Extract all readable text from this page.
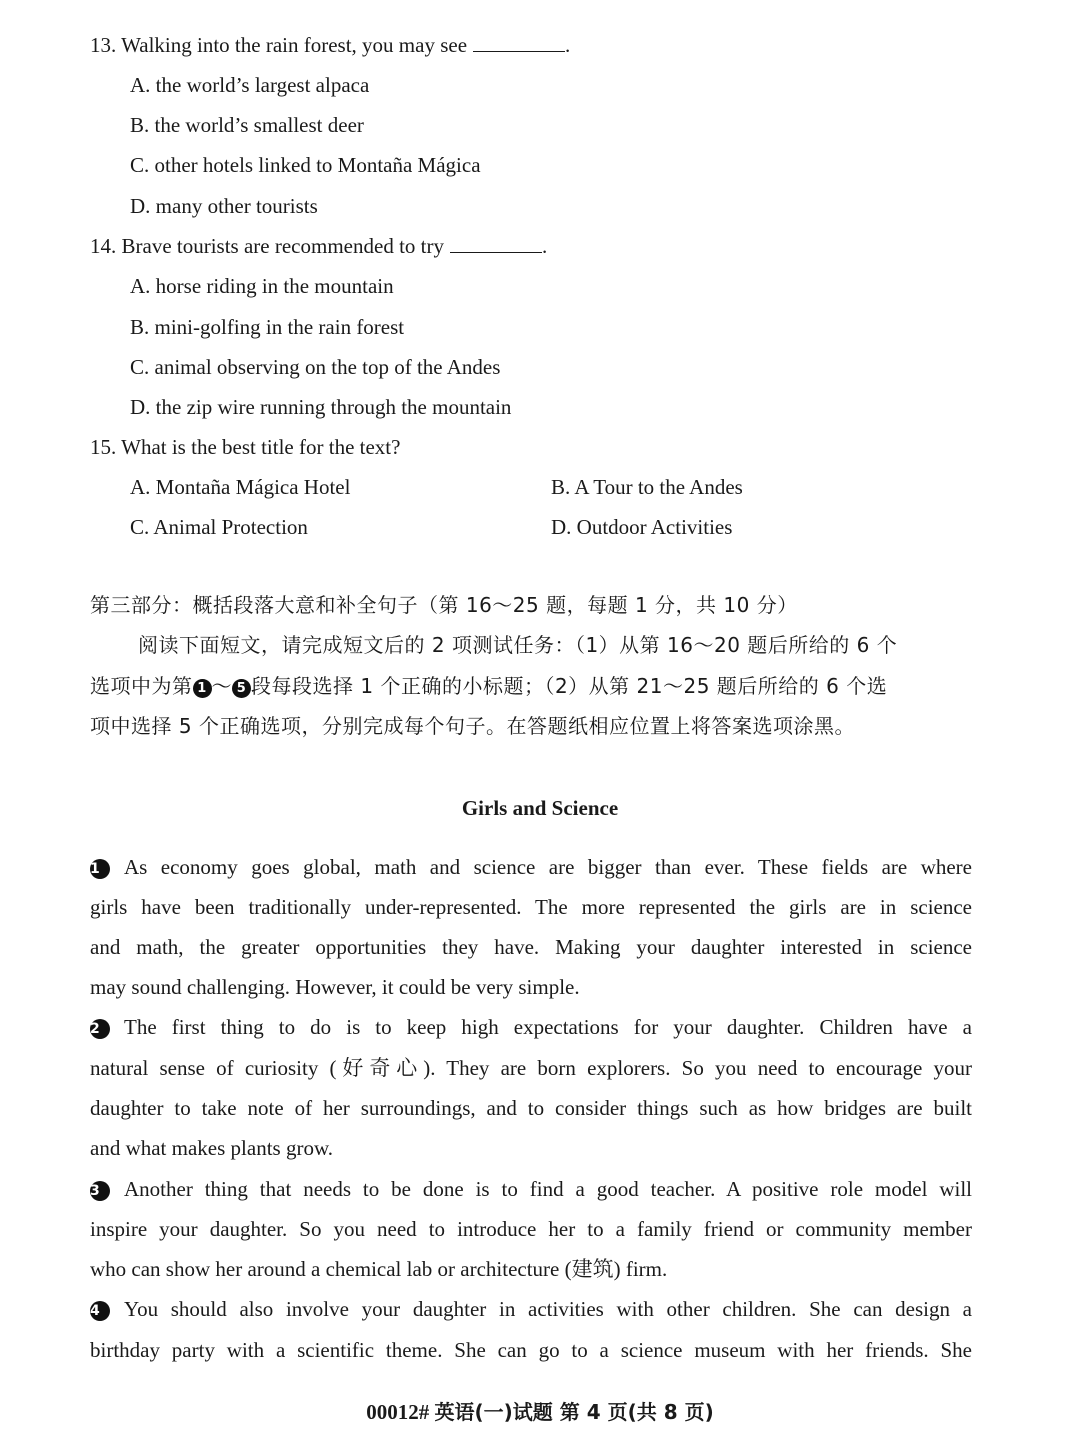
13. Walking into the rain forest, you may see	.
A. the world’s largest alpaca
B. the world’s smallest deer
C. other hotels linked to Montaña Mágica
D. many other tourists
14. Brave tourists are recommended to try	.
A. horse riding in the mountain
B. mini-golfing in the rain forest
C. animal observing on the top of the Andes
D. the zip wire running through the mountain
15. What is the best title for the text?
A. Montaña Mágica Hotel	B. A Tour to the Andes
C. Animal Protection	D. Outdoor Activities
第三部分：概括段落大意和补全句子（第 16～25 题，每题 1 分，共 10 分）
阅读下面短文，请完成短文后的 2 项测试任务：（1）从第 16～20 题后所给的 6 个
选项中为第 1 ～ 5 段每段选择 1 个正确的小标题；（2）从第 21～25 题后所给的 6 个选
项中选择 5 个正确选项，分别完成每个句子。在答题纸相应位置上将答案选项涂黑。
Girls and Science
1 As economy goes global, math and science are bigger than ever. These fields are where
girls have been traditionally under-represented. The more represented the girls are in science
and math, the greater opportunities they have. Making your daughter interested in science
may sound challenging. However, it could be very simple.
2 The first thing to do is to keep high expectations for your daughter. Children have a
natural sense of curiosity (好奇心). They are born explorers. So you need to encourage your
daughter to take note of her surroundings, and to consider things such as how bridges are built
and what makes plants grow.
3 Another thing that needs to be done is to find a good teacher. A positive role model will
inspire your daughter. So you need to introduce her to a family friend or community member
who can show her around a chemical lab or architecture (建筑) firm.
4 You should also involve your daughter in activities with other children. She can design a
birthday party with a scientific theme. She can go to a science museum with her friends. She
00012# 英语(一)试题 第 4 页(共 8 页)
